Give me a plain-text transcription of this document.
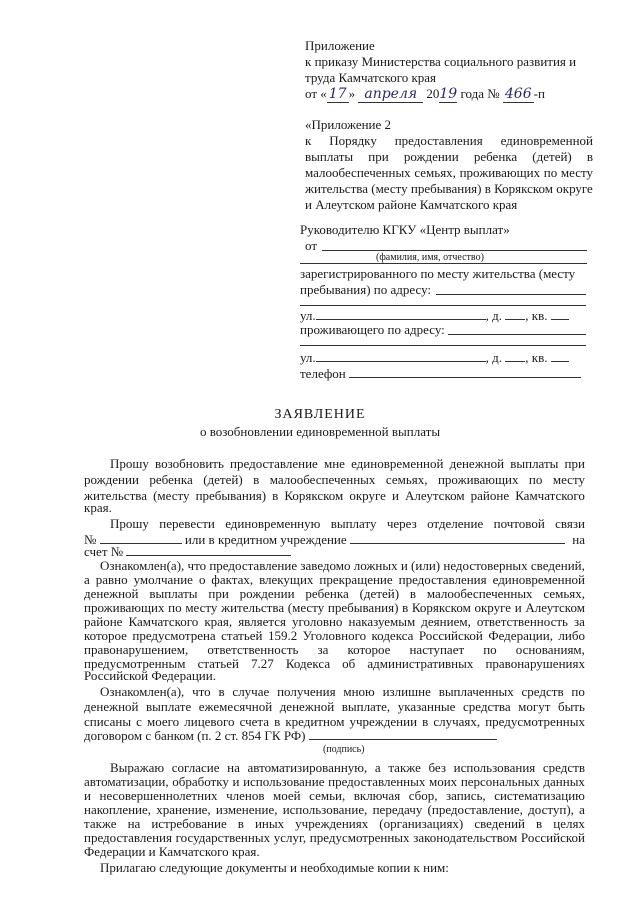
Приложение
к приказу Министерства социального развития и
труда Камчатского края
от « 17 » апреля 2019 года № 466 -п
«Приложение 2
к Порядку предоставления единовременной
выплаты при рождении ребенка (детей) в
малообеспеченных семьях, проживающих по месту
жительства (месту пребывания) в Корякском округе
и Алеутском районе Камчатского края
Руководителю КГКУ «Центр выплат»
от
(фамилия, имя, отчество)
зарегистрированного по месту жительства (месту
пребывания) по адресу:
ул.	, д. , кв.
проживающего по адресу:
ул.	, д. , кв.
телефон
ЗАЯВЛЕНИЕ
о возобновлении единовременной выплаты
Прошу возобновить предоставление мне единовременной денежной выплаты при
рождении ребенка (детей) в малообеспеченных семьях, проживающих по месту
жительства (месту пребывания) в Корякском округе и Алеутском районе Камчатского
края.
Прошу перевести единовременную выплату через отделение почтовой связи
№	или в кредитном учреждение	на
счет №
Ознакомлен(а), что предоставление заведомо ложных и (или) недостоверных сведений,
а равно умолчание о фактах, влекущих прекращение предоставления единовременной
денежной выплаты при рождении ребенка (детей) в малообеспеченных семьях,
проживающих по месту жительства (месту пребывания) в Корякском округе и Алеутском
районе Камчатского края, является уголовно наказуемым деянием, ответственность за
которое предусмотрена статьей 159.2 Уголовного кодекса Российской Федерации, либо
правонарушением, ответственность за которое наступает по основаниям,
предусмотренным статьей 7.27 Кодекса об административных правонарушениях
Российской Федерации.
Ознакомлен(а), что в случае получения мною излишне выплаченных средств по
денежной выплате ежемесячной денежной выплате, указанные средства могут быть
списаны с моего лицевого счета в кредитном учреждении в случаях, предусмотренных
договором с банком (п. 2 ст. 854 ГК РФ)
(подпись)
Выражаю согласие на автоматизированную, а также без использования средств
автоматизации, обработку и использование предоставленных моих персональных данных
и несовершеннолетних членов моей семьи, включая сбор, запись, систематизацию
накопление, хранение, изменение, использование, передачу (предоставление, доступ), а
также на истребование в иных учреждениях (организациях) сведений в целях
предоставления государственных услуг, предусмотренных законодательством Российской
Федерации и Камчатского края.
Прилагаю следующие документы и необходимые копии к ним:
